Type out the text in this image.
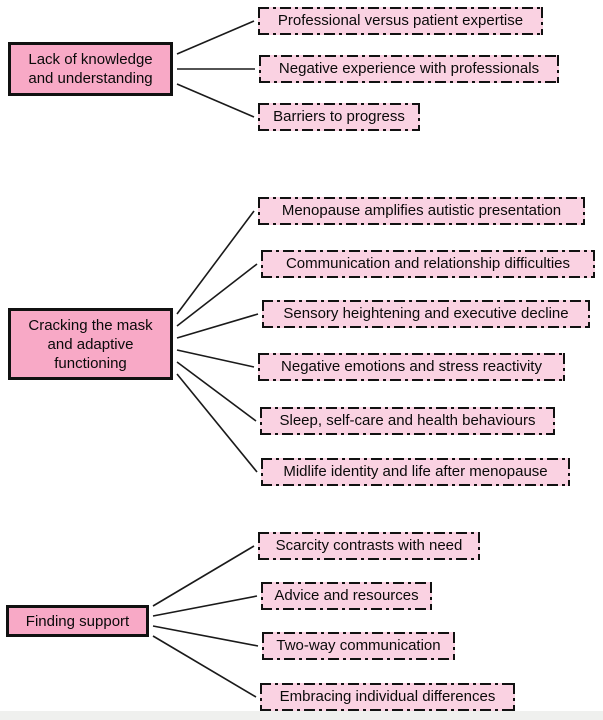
Lack of knowledge and understanding
Professional versus patient expertise
Negative experience with professionals
Barriers to progress
Cracking the mask and adaptive functioning
Menopause amplifies autistic presentation
Communication and relationship difficulties
Sensory heightening and executive decline
Negative emotions and stress reactivity
Sleep, self-care and health behaviours
Midlife identity and life after menopause
Finding support
Scarcity contrasts with need
Advice and resources
Two-way communication
Embracing individual differences
